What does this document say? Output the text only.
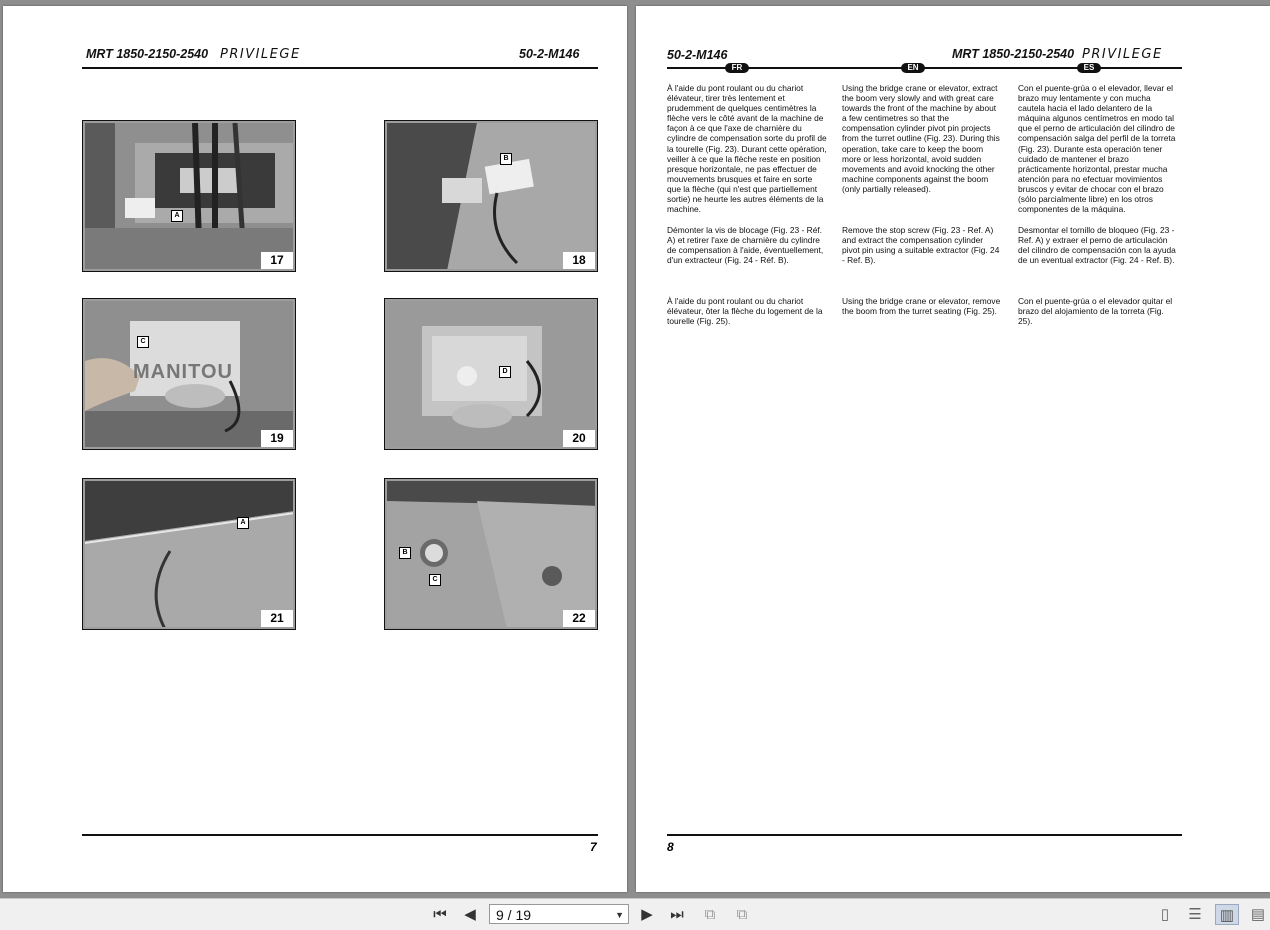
MRT 1850-2150-2540 PRIVILEGE	50-2-M146
A
17
B
18
C
MANITOU
19
D
20
A
21
B
C
22
7
50-2-M146	MRT 1850-2150-2540 PRIVILEGE
FR	EN	ES
À l'aide du pont roulant ou du chariot élévateur, tirer très lentement et prudemment de quelques centimètres la flèche vers le côté avant de la machine de façon à ce que l'axe de charnière du cylindre de compensation sorte du profil de la tourelle (Fig. 23). Durant cette opération, veiller à ce que la flèche reste en position presque horizontale, ne pas effectuer de mouvements brusques et faire en sorte que la flèche (qui n'est que partiellement sortie) ne heurte les autres éléments de la machine.
Using the bridge crane or elevator, extract the boom very slowly and with great care towards the front of the machine by about a few centimetres so that the compensation cylinder pivot pin projects from the turret outline (Fig. 23). During this operation, take care to keep the boom more or less horizontal, avoid sudden movements and avoid knocking the other machine components against the boom (only partially released).
Con el puente-grúa o el elevador, llevar el brazo muy lentamente y con mucha cautela hacia el lado delantero de la máquina algunos centímetros en modo tal que el perno de articulación del cilindro de compensación salga del perfil de la torreta (Fig. 23). Durante esta operación tener cuidado de mantener el brazo prácticamente horizontal, prestar mucha atención para no efectuar movimientos bruscos y evitar de chocar con el brazo (sólo parcialmente libre) en los otros componentes de la máquina.
Démonter la vis de blocage (Fig. 23 - Réf. A) et retirer l'axe de charnière du cylindre de compensation à l'aide, éventuellement, d'un extracteur (Fig. 24 - Réf. B).
Remove the stop screw (Fig. 23 - Ref. A) and extract the compensation cylinder pivot pin using a suitable extractor (Fig. 24 - Ref. B).
Desmontar el tornillo de bloqueo (Fig. 23 - Ref. A) y extraer el perno de articulación del cilindro de compensación con la ayuda de un eventual extractor (Fig. 24 - Ref. B).
À l'aide du pont roulant ou du chariot élévateur, ôter la flèche du logement de la tourelle (Fig. 25).
Using the bridge crane or elevator, remove the boom from the turret seating (Fig. 25).
Con el puente-grúa o el elevador quitar el brazo del alojamiento de la torreta (Fig. 25).
8
⏮ ◀	9 / 19	▼ ▶ ⏭	⧉	⧉	▯	☰	▥	▤
